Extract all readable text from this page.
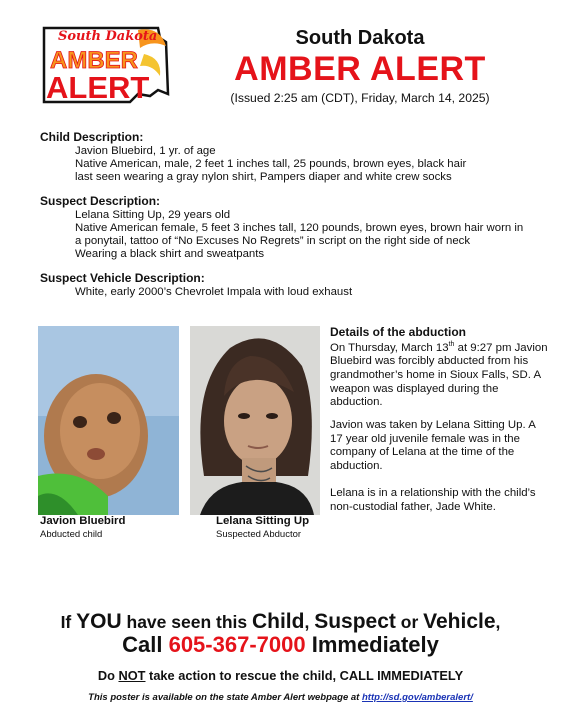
South Dakota
AMBER
ALERT
South Dakota
AMBER ALERT
(Issued 2:25 am (CDT), Friday, March 14, 2025)
Child Description:
Javion Bluebird, 1 yr. of age
Native American, male, 2 feet 1 inches tall, 25 pounds, brown eyes, black hair
last seen wearing a gray nylon shirt, Pampers diaper and white crew socks
Suspect Description:
Lelana Sitting Up, 29 years old
Native American female, 5 feet 3 inches tall, 120 pounds, brown eyes, brown hair worn in
a ponytail, tattoo of “No Excuses No Regrets” in script on the right side of neck
Wearing a black shirt and sweatpants
Suspect Vehicle Description:
White, early 2000’s Chevrolet Impala with loud exhaust
Javion Bluebird
Abducted child
Lelana Sitting Up
Suspected Abductor
Details of the abduction

On Thursday, March 13th at 9:27 pm Javion Bluebird was forcibly abducted from his grandmother’s home in Sioux Falls, SD. A weapon was displayed during the abduction.

Javion was taken by Lelana Sitting Up. A 17 year old juvenile female was in the company of Lelana at the time of the abduction.

Lelana is in a relationship with the child’s non-custodial father, Jade White.

If YOU have seen this Child, Suspect or Vehicle,
Call 605-367-7000 Immediately
Do NOT take action to rescue the child, CALL IMMEDIATELY
This poster is available on the state Amber Alert webpage at http://sd.gov/amberalert/
